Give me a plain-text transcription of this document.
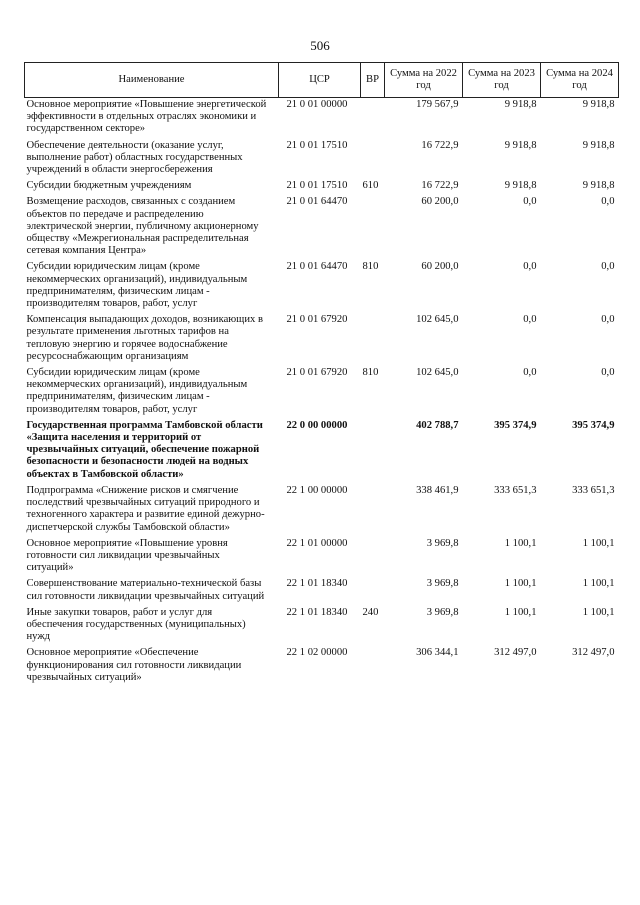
506
Наименование	ЦСР	ВР	Сумма на 2022 год	Сумма на 2023 год	Сумма на 2024 год
Основное мероприятие «Повышение энергетической эффективности в отдельных отраслях экономики и государственном секторе»	21 0 01 00000		179 567,9	9 918,8	9 918,8
Обеспечение деятельности (оказание услуг, выполнение работ) областных государственных учреждений в области энергосбережения	21 0 01 17510		16 722,9	9 918,8	9 918,8
Субсидии бюджетным учреждениям	21 0 01 17510	610	16 722,9	9 918,8	9 918,8
Возмещение расходов, связанных с созданием объектов по передаче и распределению электрической энергии, публичному акционерному обществу «Межрегиональная распределительная сетевая компания Центра»	21 0 01 64470		60 200,0	0,0	0,0
Субсидии юридическим лицам (кроме некоммерческих организаций), индивидуальным предпринимателям, физическим лицам - производителям товаров, работ, услуг	21 0 01 64470	810	60 200,0	0,0	0,0
Компенсация выпадающих доходов, возникающих в результате применения льготных тарифов на тепловую энергию и горячее водоснабжение ресурсоснабжающим организациям	21 0 01 67920		102 645,0	0,0	0,0
Субсидии юридическим лицам (кроме некоммерческих организаций), индивидуальным предпринимателям, физическим лицам - производителям товаров, работ, услуг	21 0 01 67920	810	102 645,0	0,0	0,0
Государственная программа Тамбовской области «Защита населения и территорий от чрезвычайных ситуаций, обеспечение пожарной безопасности и безопасности людей на водных объектах в Тамбовской области»	22 0 00 00000		402 788,7	395 374,9	395 374,9
Подпрограмма «Снижение рисков и смягчение последствий чрезвычайных ситуаций природного и техногенного характера и развитие единой дежурно-диспетчерской службы Тамбовской области»	22 1 00 00000		338 461,9	333 651,3	333 651,3
Основное мероприятие «Повышение уровня готовности сил ликвидации чрезвычайных ситуаций»	22 1 01 00000		3 969,8	1 100,1	1 100,1
Совершенствование материально-технической базы сил готовности ликвидации чрезвычайных ситуаций	22 1 01 18340		3 969,8	1 100,1	1 100,1
Иные закупки товаров, работ и услуг для обеспечения государственных (муниципальных) нужд	22 1 01 18340	240	3 969,8	1 100,1	1 100,1
Основное мероприятие «Обеспечение функционирования сил готовности ликвидации чрезвычайных ситуаций»	22 1 02 00000		306 344,1	312 497,0	312 497,0
